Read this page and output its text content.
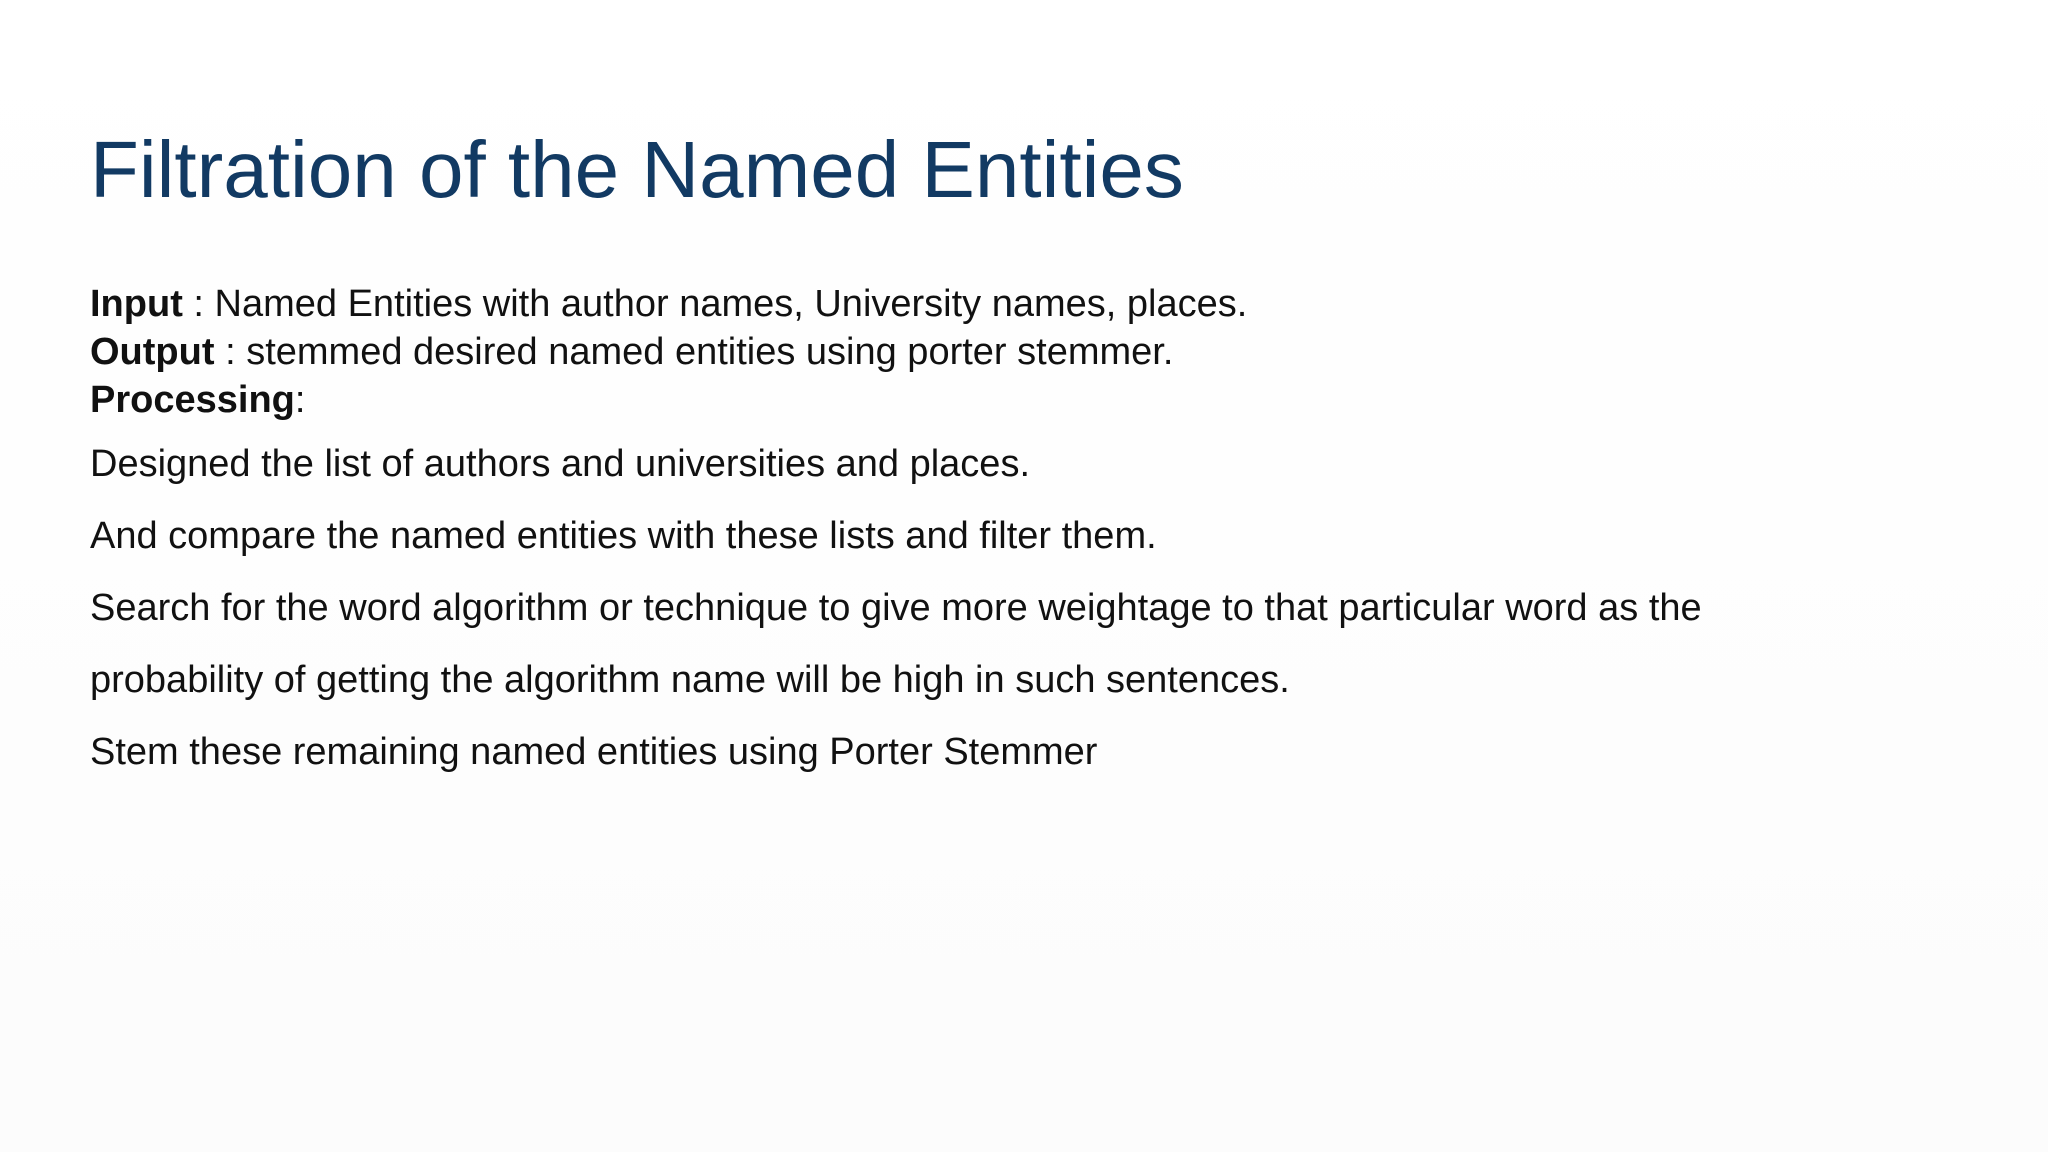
Filtration of the Named Entities
Input : Named Entities with author names, University names, places.
Output : stemmed desired named entities using porter stemmer.
Processing:
Designed the list of authors and universities and places.
And compare the named entities with these lists and filter them.
Search for the word algorithm or technique to give more weightage to that particular word as the
probability of getting the algorithm name will be high in such sentences.
Stem these remaining named entities using Porter Stemmer
